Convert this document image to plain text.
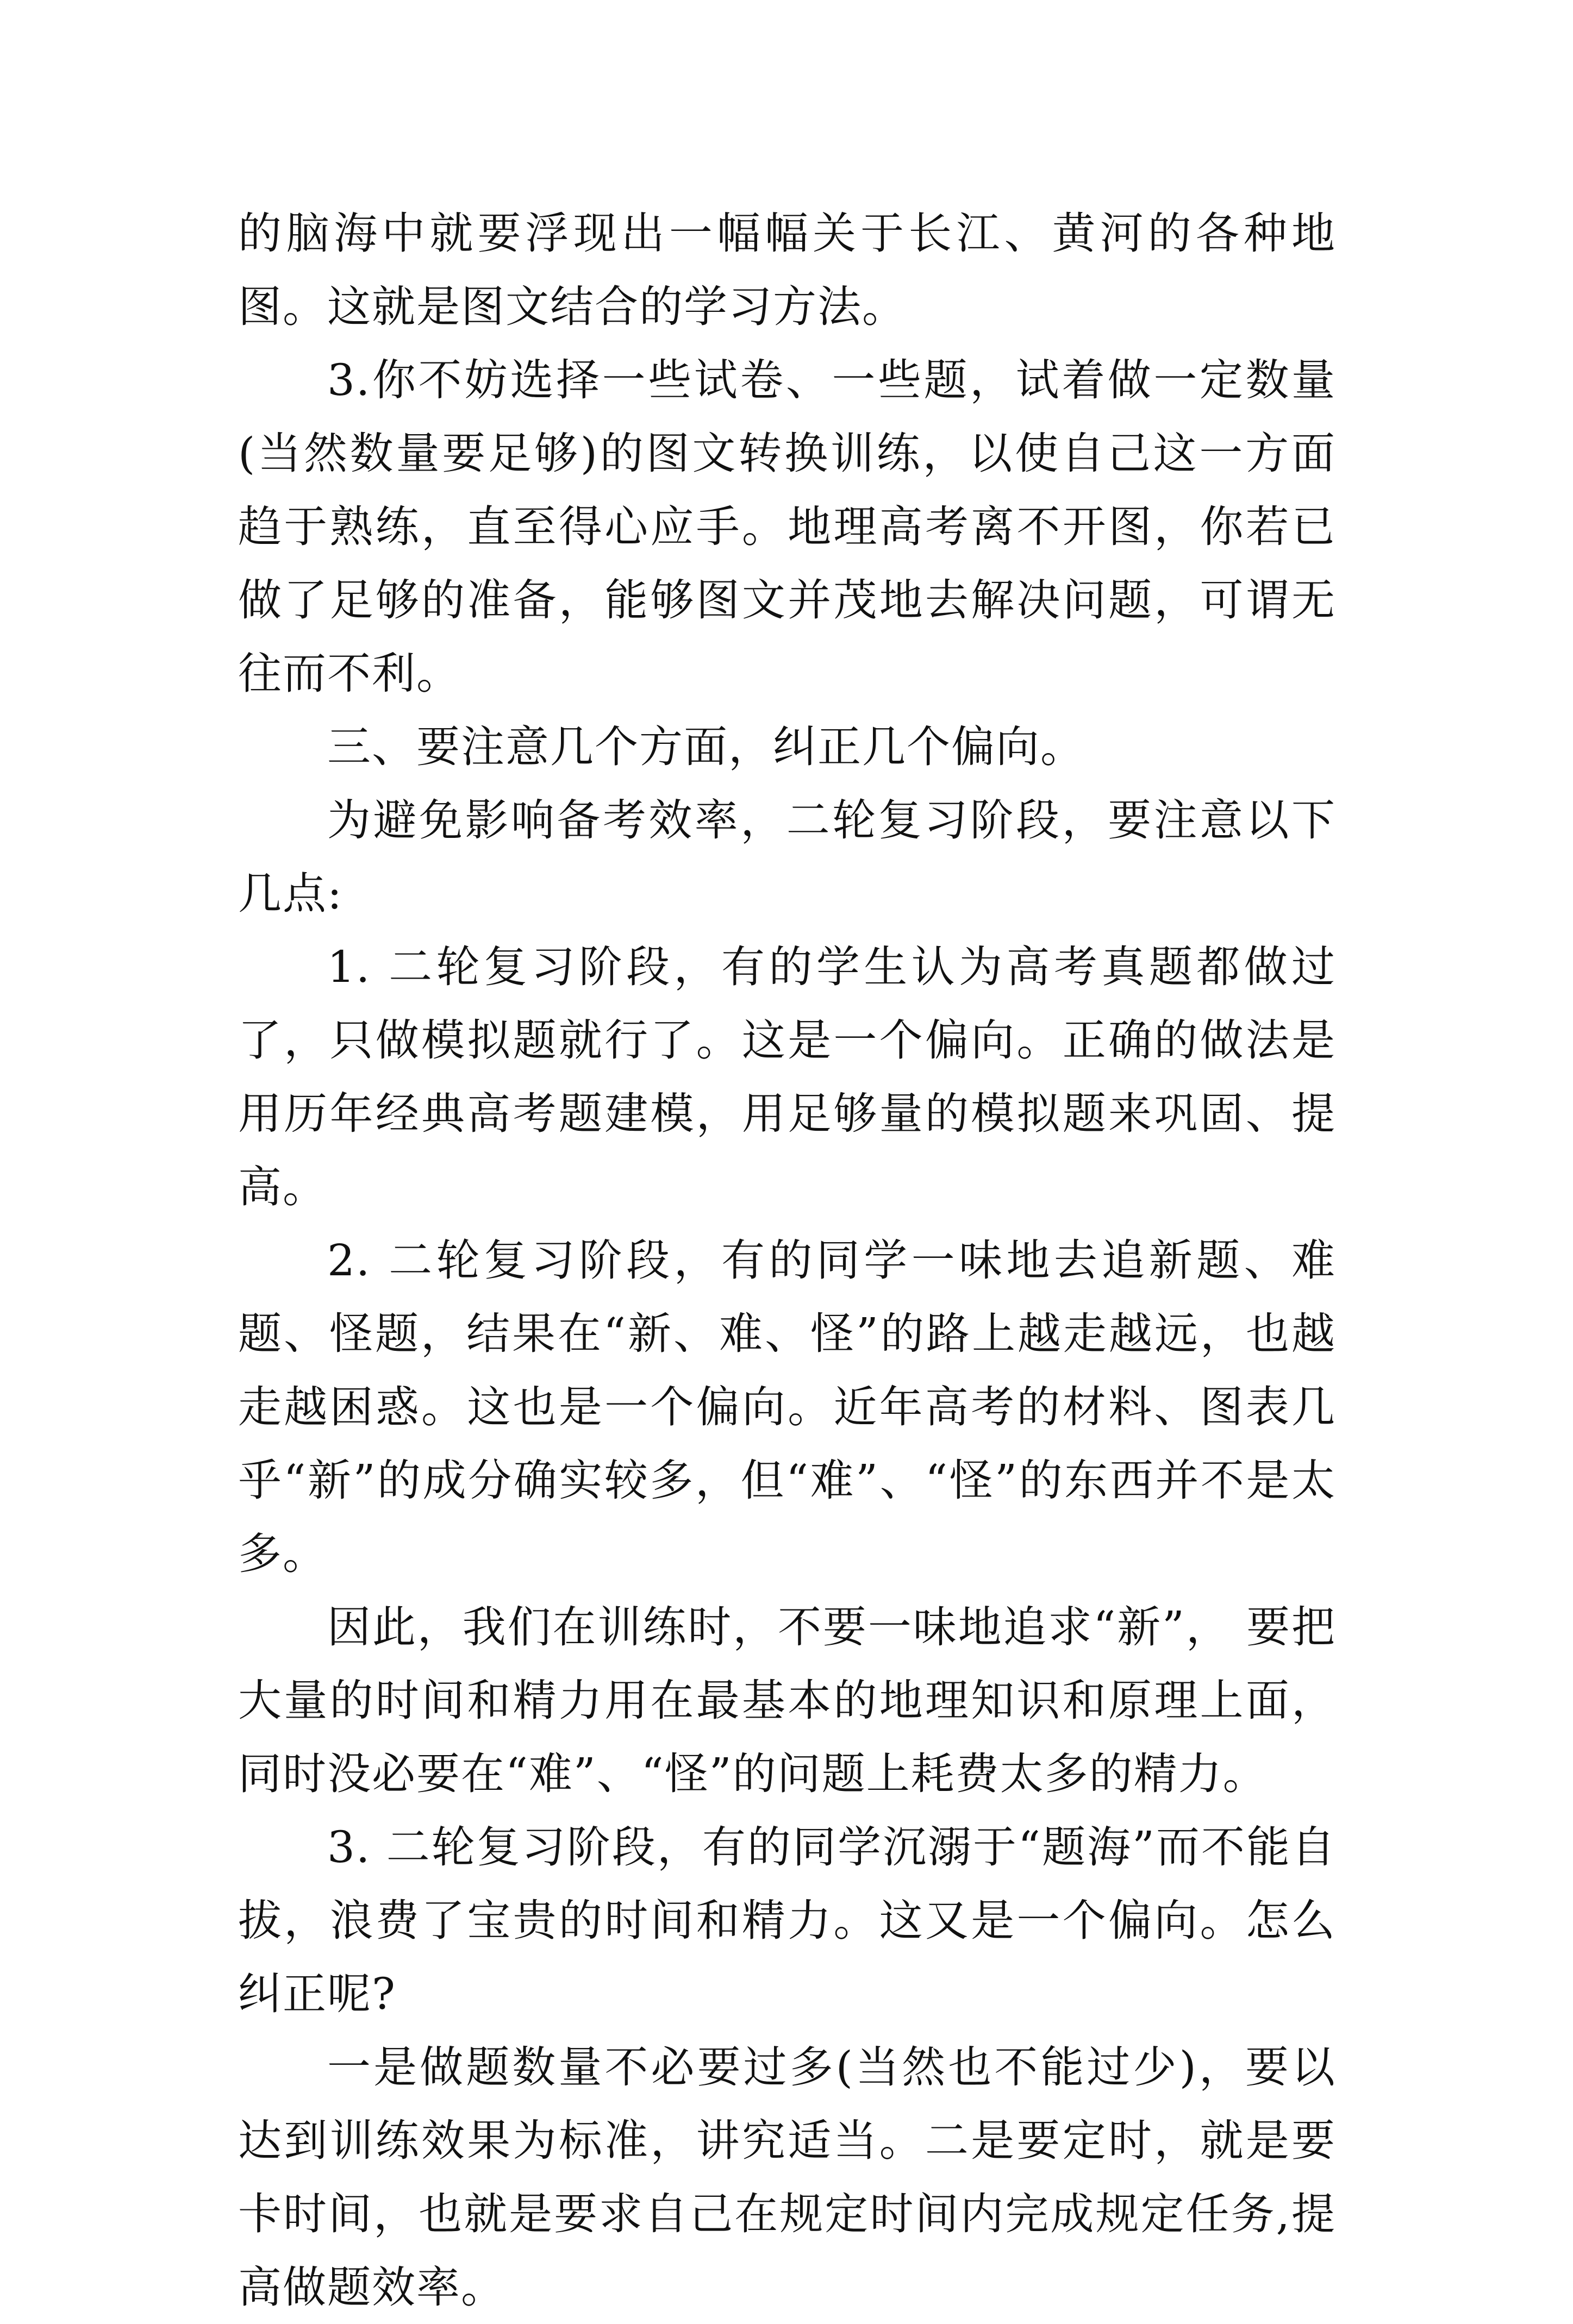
的脑海中就要浮现出一幅幅关于长江、黄河的各种地图。这就是图文结合的学习方法。

3.你不妨选择一些试卷、一些题，试着做一定数量(当然数量要足够)的图文转换训练，以使自己这一方面趋于熟练，直至得心应手。地理高考离不开图，你若已做了足够的准备，能够图文并茂地去解决问题，可谓无往而不利。

三、要注意几个方面，纠正几个偏向。

为避免影响备考效率，二轮复习阶段，要注意以下几点:

1. 二轮复习阶段，有的学生认为高考真题都做过了，只做模拟题就行了。这是一个偏向。正确的做法是用历年经典高考题建模，用足够量的模拟题来巩固、提高。

2. 二轮复习阶段，有的同学一味地去追新题、难题、怪题，结果在“新、难、怪”的路上越走越远，也越走越困惑。这也是一个偏向。近年高考的材料、图表几乎“新”的成分确实较多，但“难”、“怪”的东西并不是太多。

因此，我们在训练时，不要一味地追求“新”， 要把大量的时间和精力用在最基本的地理知识和原理上面，同时没必要在“难”、“怪”的问题上耗费太多的精力。

3. 二轮复习阶段，有的同学沉溺于“题海”而不能自拔，浪费了宝贵的时间和精力。这又是一个偏向。怎么纠正呢?

一是做题数量不必要过多(当然也不能过少)，要以达到训练效果为标准，讲究适当。二是要定时，就是要卡时间，也就是要求自己在规定时间内完成规定任务,提高做题效率。
